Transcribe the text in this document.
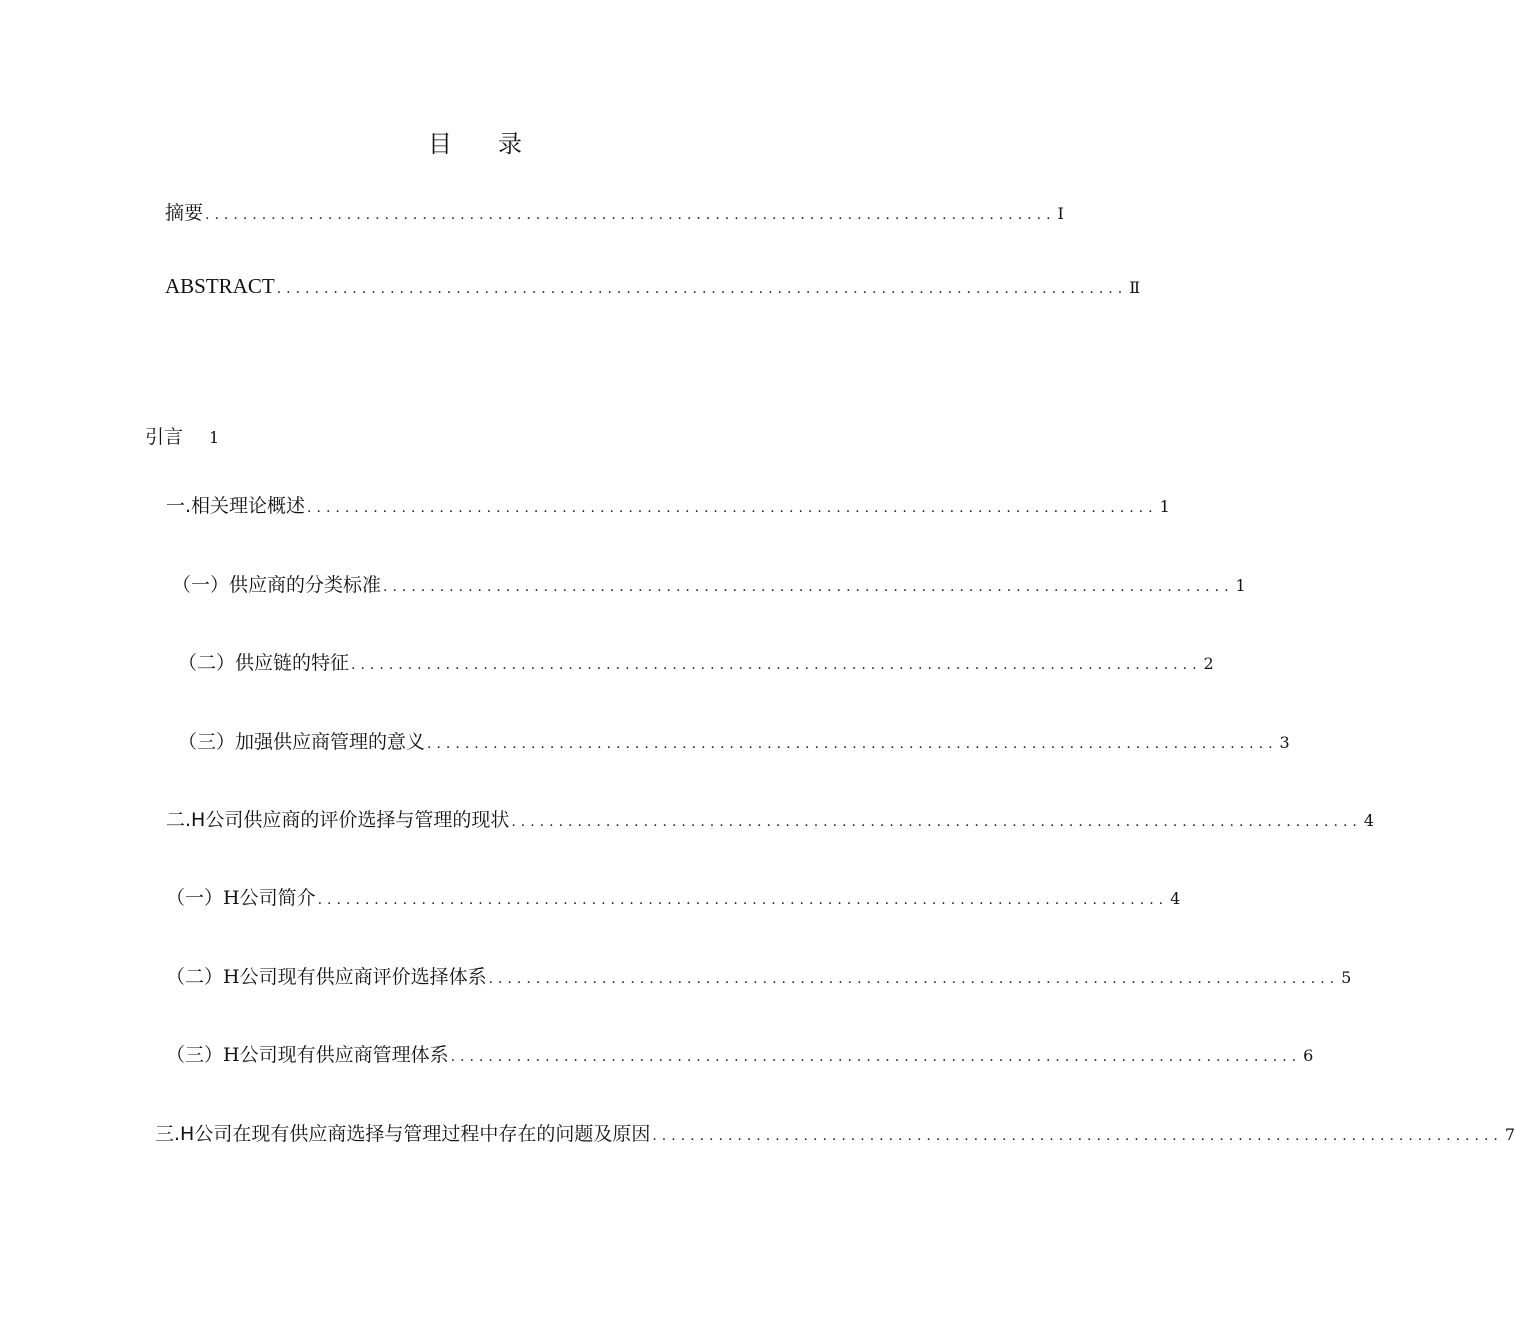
目 录
摘要 .......................................................................................... Ⅰ
ABSTRACT .......................................................................................... Ⅱ
引言 1
一.相关理论概述 .......................................................................................... 1
（一）供应商的分类标准 .......................................................................................... 1
（二）供应链的特征 .......................................................................................... 2
（三）加强供应商管理的意义 .......................................................................................... 3
二.H公司供应商的评价选择与管理的现状 .......................................................................................... 4
（一）H公司简介 .......................................................................................... 4
（二）H公司现有供应商评价选择体系 .......................................................................................... 5
（三）H公司现有供应商管理体系 .......................................................................................... 6
三.H公司在现有供应商选择与管理过程中存在的问题及原因 .......................................................................................... 7
